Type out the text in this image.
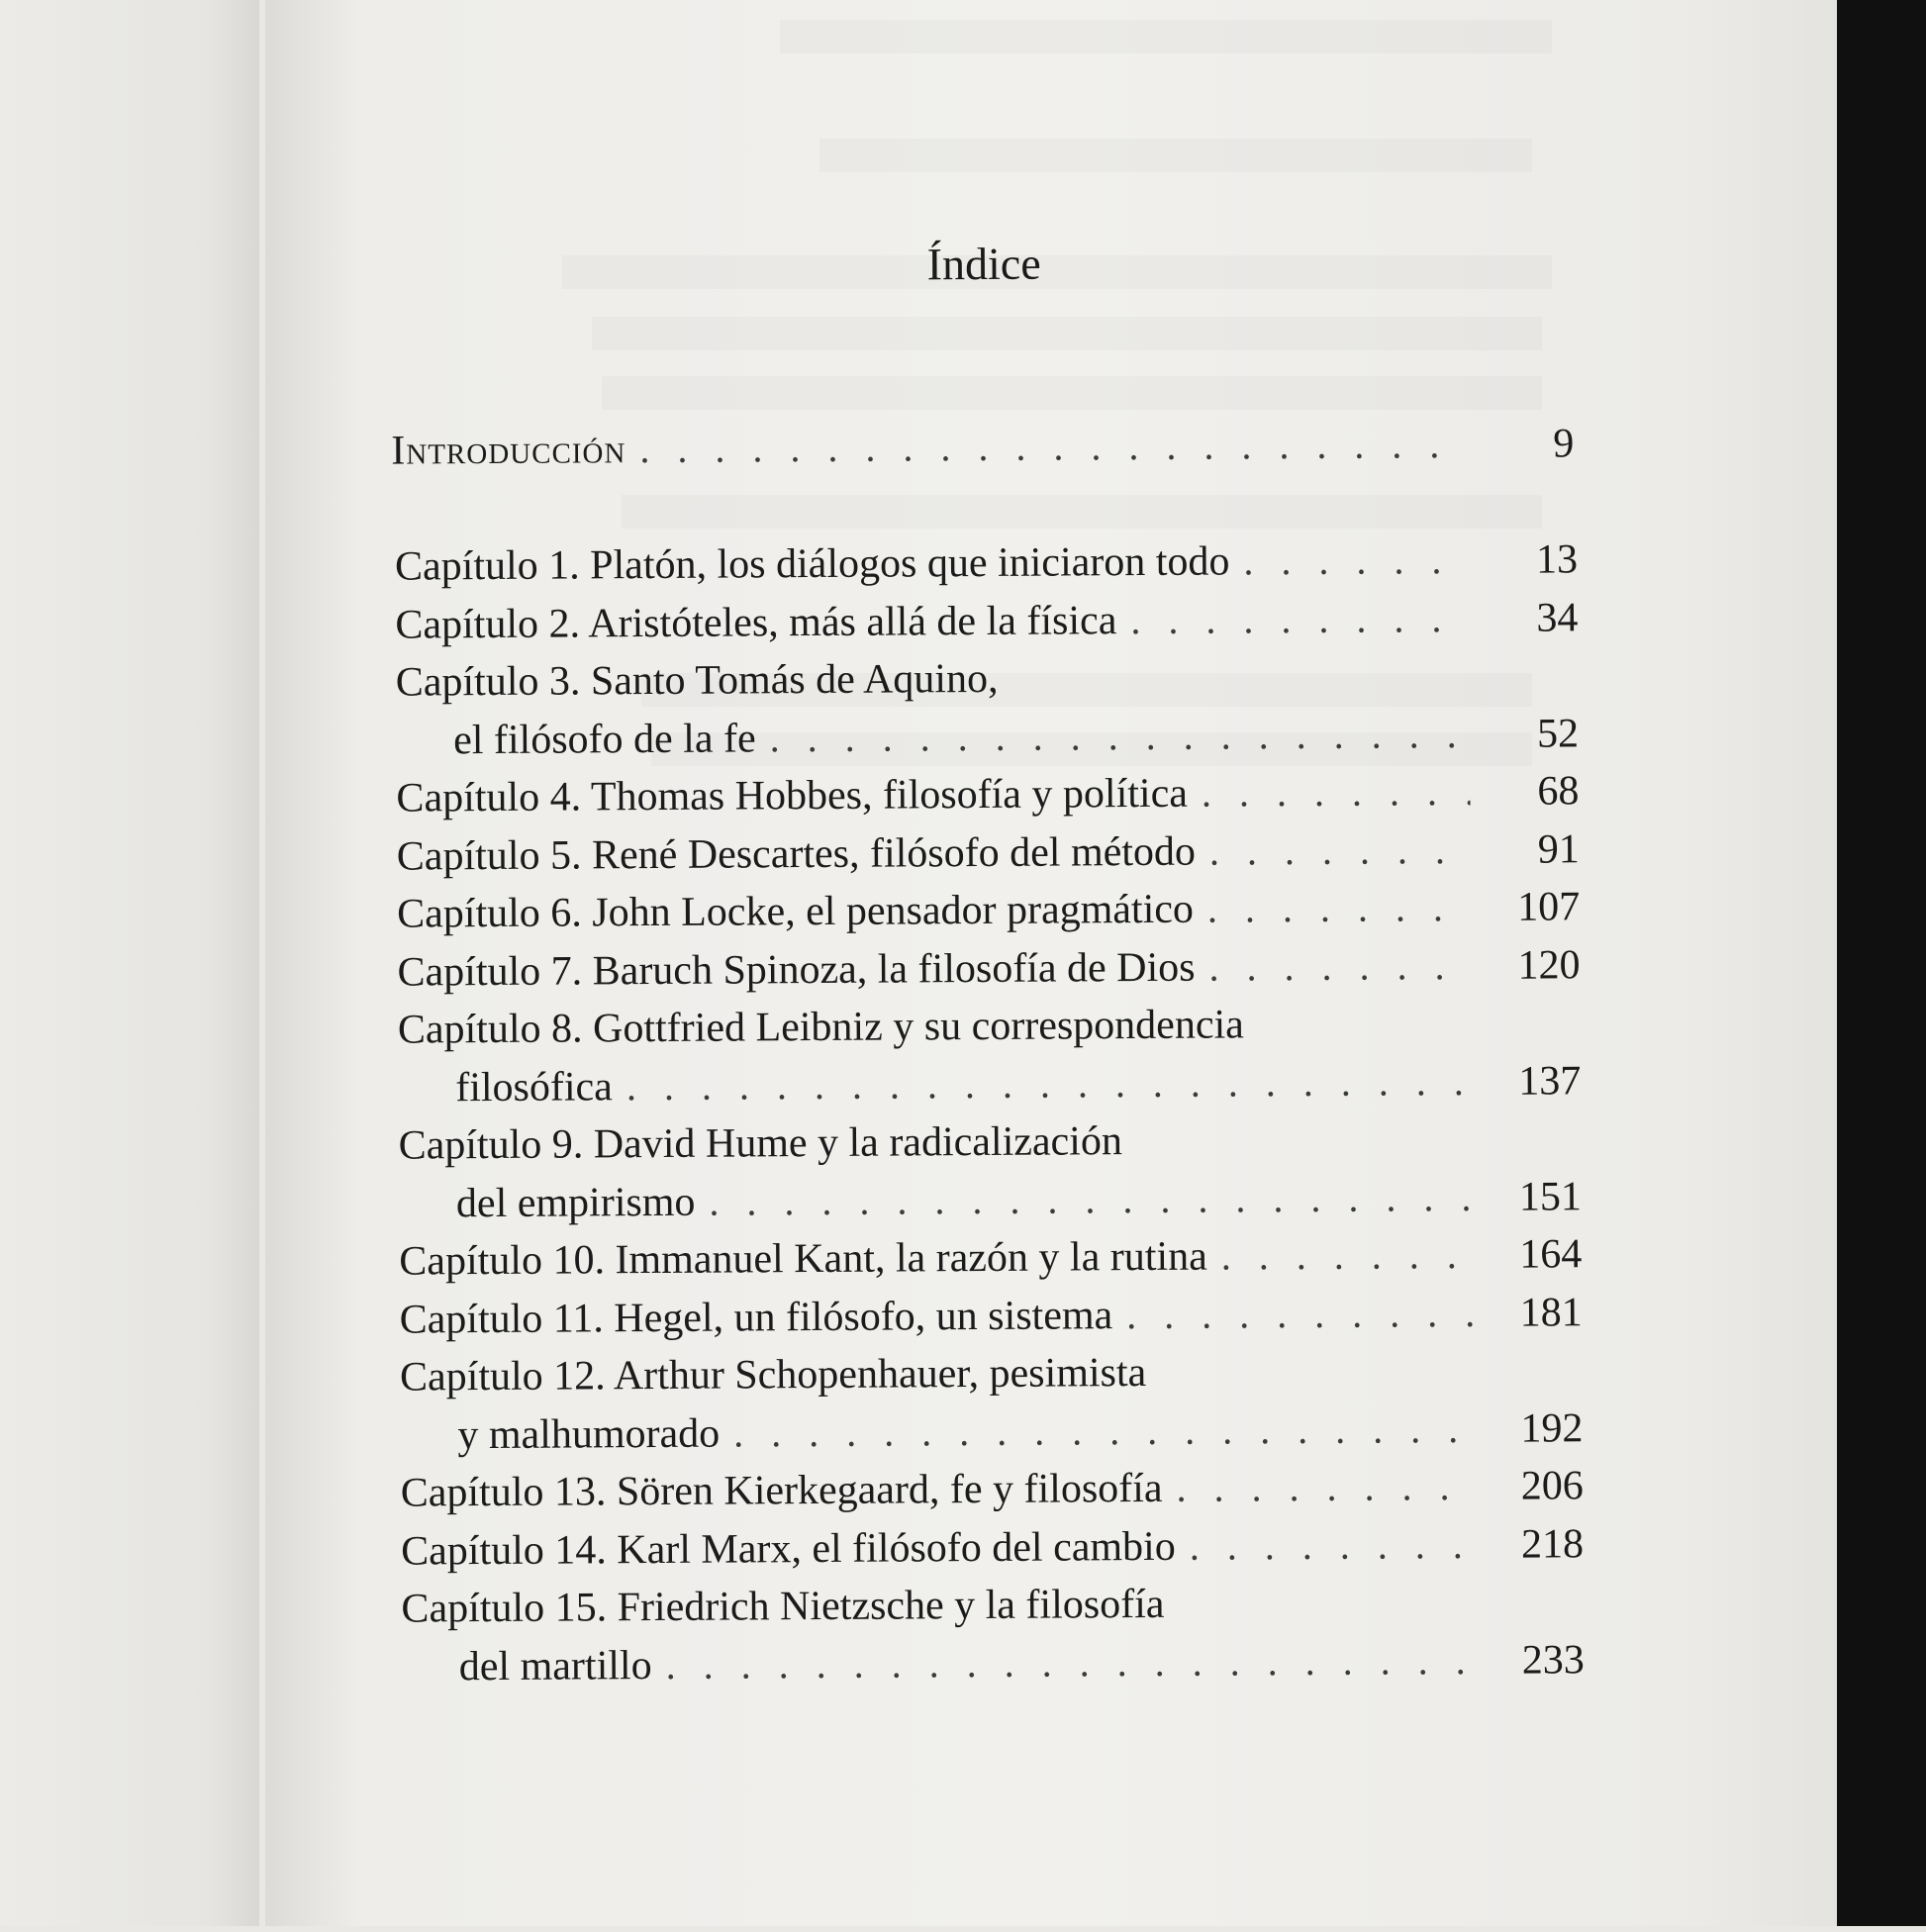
Índice
Introducción . . .	9
Capítulo 1. Platón, los diálogos que iniciaron todo . . .	13
Capítulo 2. Aristóteles, más allá de la física . . .	34
Capítulo 3. Santo Tomás de Aquino,
el filósofo de la fe . . .	52
Capítulo 4. Thomas Hobbes, filosofía y política . . .	68
Capítulo 5. René Descartes, filósofo del método . . .	91
Capítulo 6. John Locke, el pensador pragmático . . .	107
Capítulo 7. Baruch Spinoza, la filosofía de Dios . . .	120
Capítulo 8. Gottfried Leibniz y su correspondencia
filosófica . . .	137
Capítulo 9. David Hume y la radicalización
del empirismo . . .	151
Capítulo 10. Immanuel Kant, la razón y la rutina . . .	164
Capítulo 11. Hegel, un filósofo, un sistema . . .	181
Capítulo 12. Arthur Schopenhauer, pesimista
y malhumorado . . .	192
Capítulo 13. Sören Kierkegaard, fe y filosofía . . .	206
Capítulo 14. Karl Marx, el filósofo del cambio . . .	218
Capítulo 15. Friedrich Nietzsche y la filosofía
del martillo . . .	233
